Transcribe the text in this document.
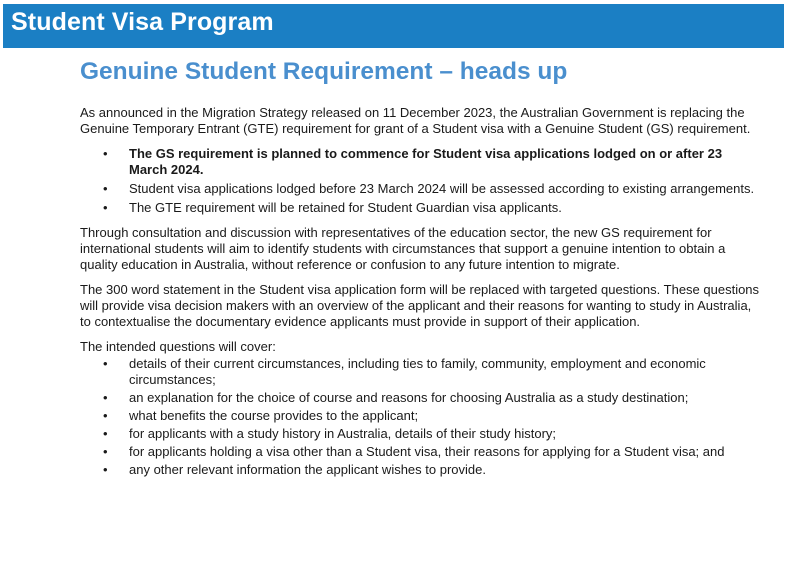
Student Visa Program
Genuine Student Requirement – heads up

As announced in the Migration Strategy released on 11 December 2023, the Australian Government is replacing the Genuine Temporary Entrant (GTE) requirement for grant of a Student visa with a Genuine Student (GS) requirement.

• The GS requirement is planned to commence for Student visa applications lodged on or after 23 March 2024.
• Student visa applications lodged before 23 March 2024 will be assessed according to existing arrangements.
• The GTE requirement will be retained for Student Guardian visa applicants.

Through consultation and discussion with representatives of the education sector, the new GS requirement for international students will aim to identify students with circumstances that support a genuine intention to obtain a quality education in Australia, without reference or confusion to any future intention to migrate.

The 300 word statement in the Student visa application form will be replaced with targeted questions. These questions will provide visa decision makers with an overview of the applicant and their reasons for wanting to study in Australia, to contextualise the documentary evidence applicants must provide in support of their application.

The intended questions will cover:

• details of their current circumstances, including ties to family, community, employment and economic circumstances;
• an explanation for the choice of course and reasons for choosing Australia as a study destination;
• what benefits the course provides to the applicant;
• for applicants with a study history in Australia, details of their study history;
• for applicants holding a visa other than a Student visa, their reasons for applying for a Student visa; and
• any other relevant information the applicant wishes to provide.
